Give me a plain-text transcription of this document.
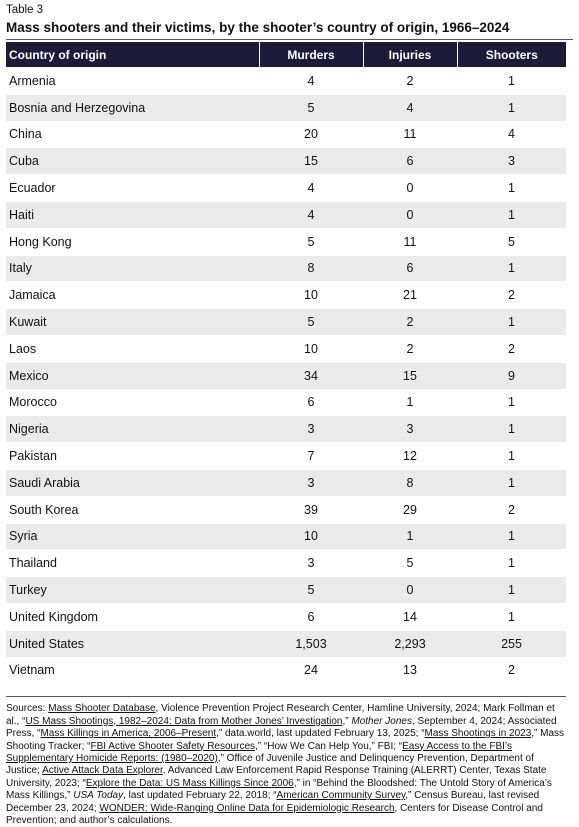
Table 3
Mass shooters and their victims, by the shooter’s country of origin, 1966–2024
Country of origin	Murders	Injuries	Shooters
Armenia	4	2	1
Bosnia and Herzegovina	5	4	1
China	20	11	4
Cuba	15	6	3
Ecuador	4	0	1
Haiti	4	0	1
Hong Kong	5	11	5
Italy	8	6	1
Jamaica	10	21	2
Kuwait	5	2	1
Laos	10	2	2
Mexico	34	15	9
Morocco	6	1	1
Nigeria	3	3	1
Pakistan	7	12	1
Saudi Arabia	3	8	1
South Korea	39	29	2
Syria	10	1	1
Thailand	3	5	1
Turkey	5	0	1
United Kingdom	6	14	1
United States	1,503	2,293	255
Vietnam	24	13	2
Sources: Mass Shooter Database, Violence Prevention Project Research Center, Hamline University, 2024; Mark Follman et al., “US Mass Shootings, 1982–2024: Data from Mother Jones’ Investigation,” Mother Jones, September 4, 2024; Associated Press, “Mass Killings in America, 2006–Present,” data.world, last updated February 13, 2025; “Mass Shootings in 2023,” Mass Shooting Tracker; “FBI Active Shooter Safety Resources,” “How We Can Help You,” FBI; “Easy Access to the FBI’s Supplementary Homicide Reports: (1980–2020),” Office of Juvenile Justice and Delinquency Prevention, Department of Justice; Active Attack Data Explorer, Advanced Law Enforcement Rapid Response Training (ALERRT) Center, Texas State University, 2023; “Explore the Data: US Mass Killings Since 2006,” in “Behind the Bloodshed: The Untold Story of America’s Mass Killings,” USA Today, last updated February 22, 2018; “American Community Survey,” Census Bureau, last revised December 23, 2024; WONDER: Wide-Ranging Online Data for Epidemiologic Research, Centers for Disease Control and Prevention; and author’s calculations.
